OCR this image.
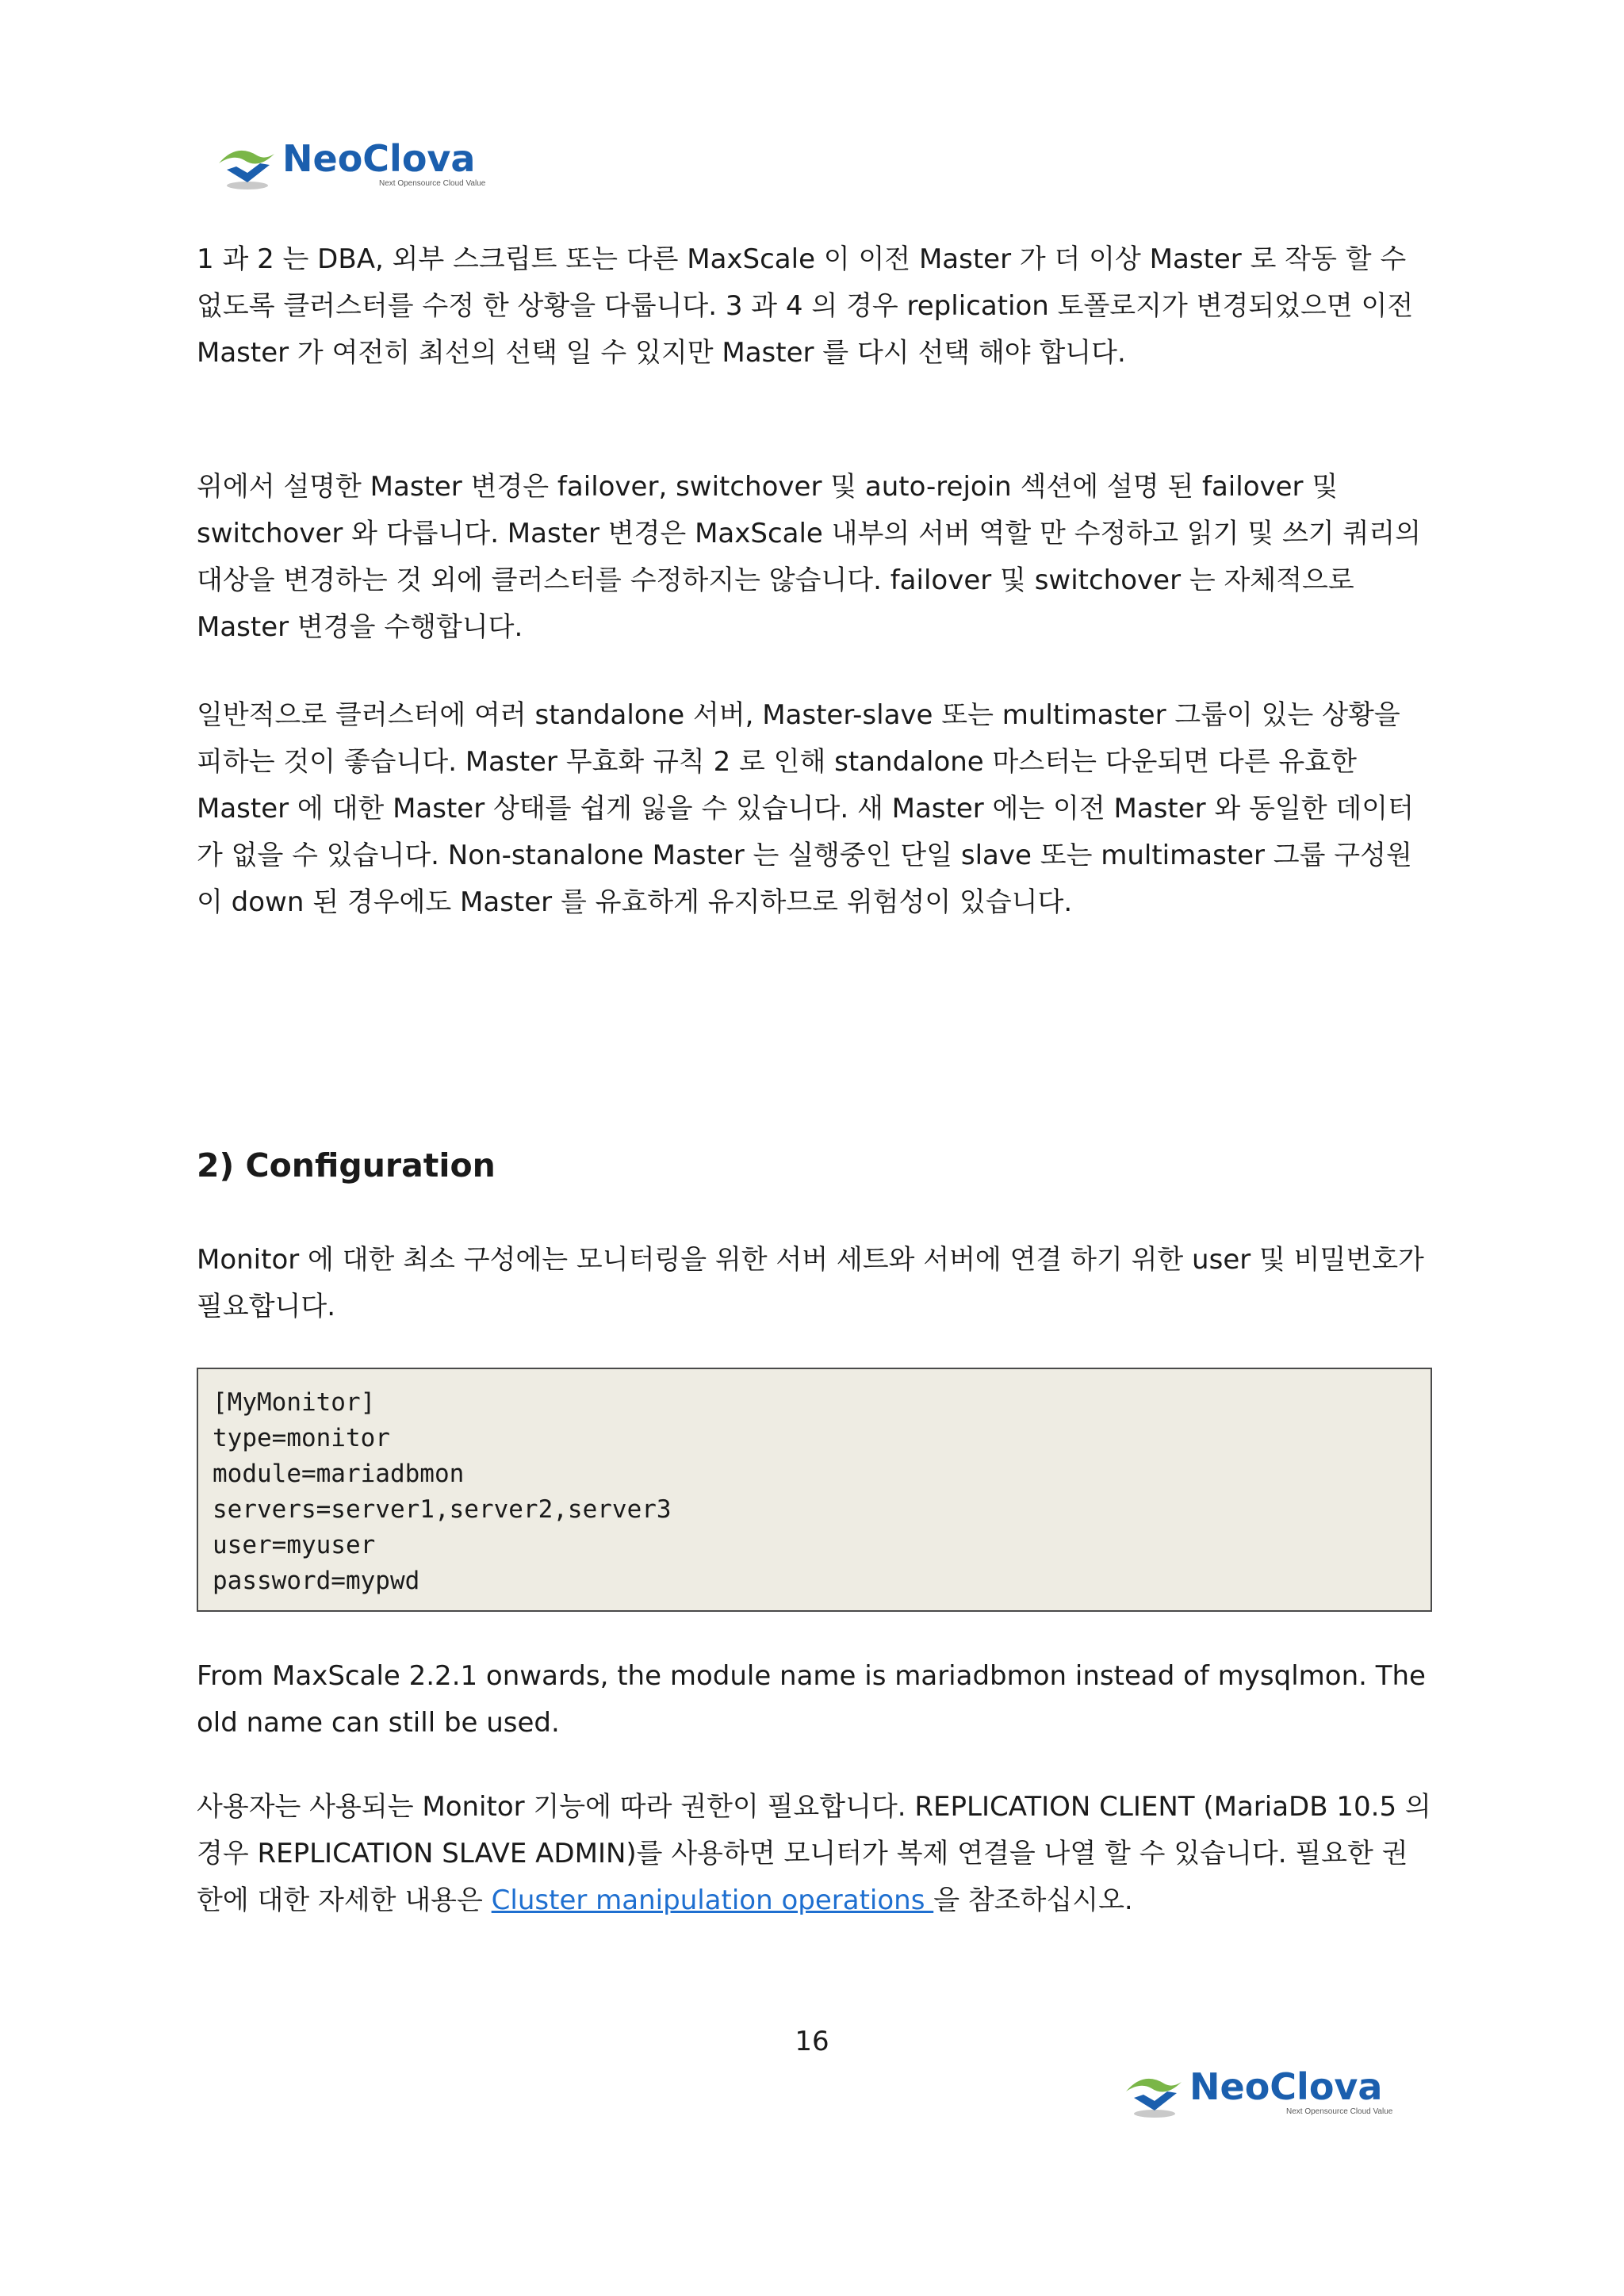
NeoClova
Next Opensource Cloud Value

1 과 2 는 DBA, 외부 스크립트 또는 다른 MaxScale 이 이전 Master 가 더 이상 Master 로 작동 할 수 없도록 클러스터를 수정 한 상황을 다룹니다. 3 과 4 의 경우 replication 토폴로지가 변경되었으면 이전 Master 가 여전히 최선의 선택 일 수 있지만 Master 를 다시 선택 해야 합니다.

위에서 설명한 Master 변경은 failover, switchover 및 auto-rejoin 섹션에 설명 된 failover 및 switchover 와 다릅니다. Master 변경은 MaxScale 내부의 서버 역할 만 수정하고 읽기 및 쓰기 쿼리의 대상을 변경하는 것 외에 클러스터를 수정하지는 않습니다. failover 및 switchover 는 자체적으로 Master 변경을 수행합니다.

일반적으로 클러스터에 여러 standalone 서버, Master-slave 또는 multimaster 그룹이 있는 상황을 피하는 것이 좋습니다. Master 무효화 규칙 2 로 인해 standalone 마스터는 다운되면 다른 유효한 Master 에 대한 Master 상태를 쉽게 잃을 수 있습니다. 새 Master 에는 이전 Master 와 동일한 데이터가 없을 수 있습니다. Non-stanalone Master 는 실행중인 단일 slave 또는 multimaster 그룹 구성원이 down 된 경우에도 Master 를 유효하게 유지하므로 위험성이 있습니다.

2) Configuration

Monitor 에 대한 최소 구성에는 모니터링을 위한 서버 세트와 서버에 연결 하기 위한 user 및 비밀번호가 필요합니다.

[MyMonitor]
type=monitor
module=mariadbmon
servers=server1,server2,server3
user=myuser
password=mypwd

From MaxScale 2.2.1 onwards, the module name is mariadbmon instead of mysqlmon. The old name can still be used.

사용자는 사용되는 Monitor 기능에 따라 권한이 필요합니다. REPLICATION CLIENT (MariaDB 10.5 의 경우 REPLICATION SLAVE ADMIN)를 사용하면 모니터가 복제 연결을 나열 할 수 있습니다. 필요한 권한에 대한 자세한 내용은 Cluster manipulation operations 을 참조하십시오.

16

NeoClova
Next Opensource Cloud Value
